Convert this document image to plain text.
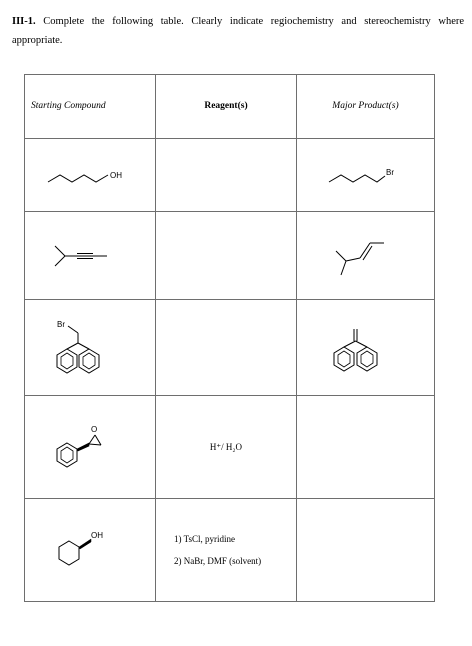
III-1. Complete the following table. Clearly indicate regiochemistry and stereochemistry where appropriate.
Starting Compound	Reagent(s)	Major Product(s)

OH		Br

Br

O	H⁺/ H₂O	

OH	1) TsCl, pyridine
2) NaBr, DMF (solvent)	
